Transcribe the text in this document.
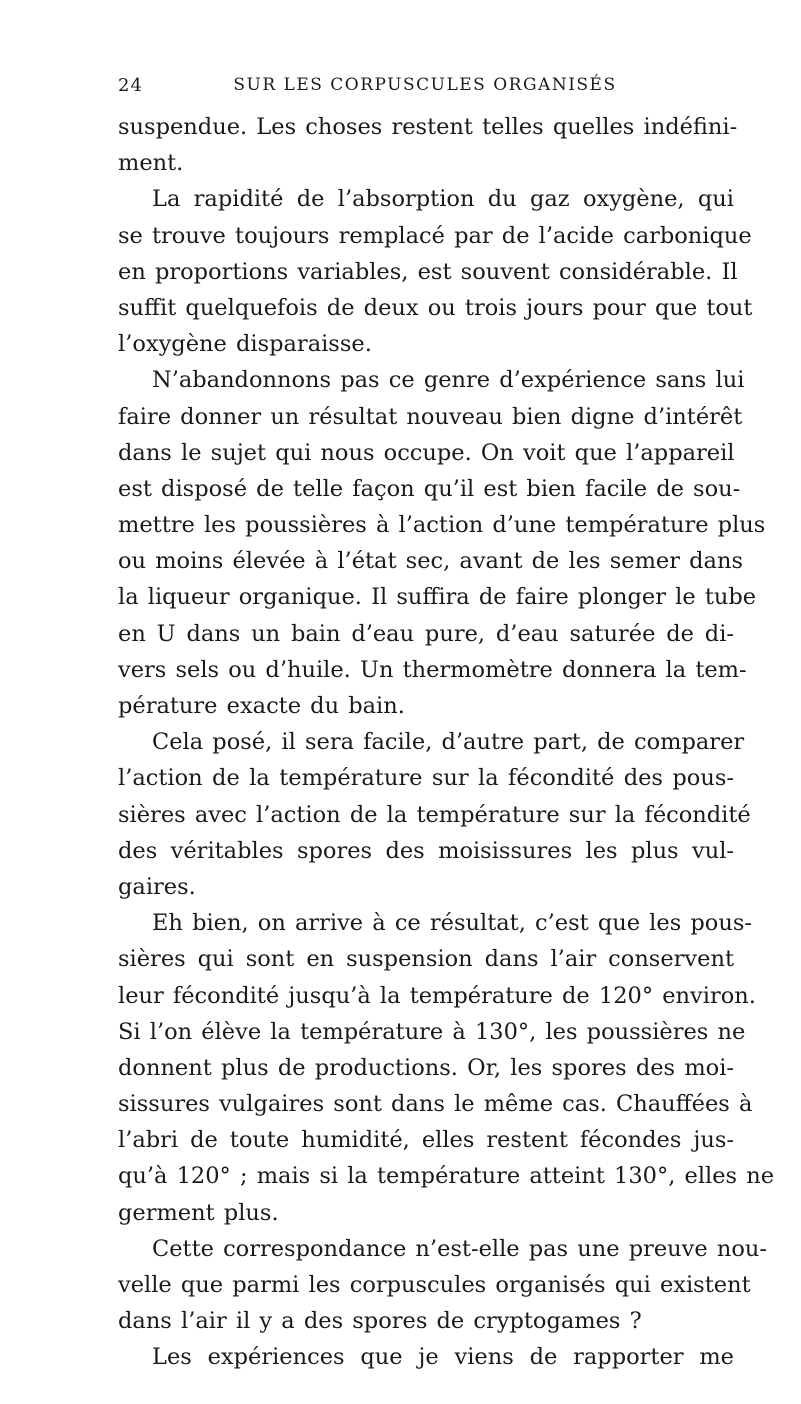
24	SUR LES CORPUSCULES ORGANISÉS
suspendue. Les choses restent telles quelles indéfini-
ment.
La rapidité de l’absorption du gaz oxygène, qui
se trouve toujours remplacé par de l’acide carbonique
en proportions variables, est souvent considérable. Il
suffit quelquefois de deux ou trois jours pour que tout
l’oxygène disparaisse.
N’abandonnons pas ce genre d’expérience sans lui
faire donner un résultat nouveau bien digne d’intérêt
dans le sujet qui nous occupe. On voit que l’appareil
est disposé de telle façon qu’il est bien facile de sou-
mettre les poussières à l’action d’une température plus
ou moins élevée à l’état sec, avant de les semer dans
la liqueur organique. Il suffira de faire plonger le tube
en U dans un bain d’eau pure, d’eau saturée de di-
vers sels ou d’huile. Un thermomètre donnera la tem-
pérature exacte du bain.
Cela posé, il sera facile, d’autre part, de comparer
l’action de la température sur la fécondité des pous-
sières avec l’action de la température sur la fécondité
des véritables spores des moisissures les plus vul-
gaires.
Eh bien, on arrive à ce résultat, c’est que les pous-
sières qui sont en suspension dans l’air conservent
leur fécondité jusqu’à la température de 120° environ.
Si l’on élève la température à 130°, les poussières ne
donnent plus de productions. Or, les spores des moi-
sissures vulgaires sont dans le même cas. Chauffées à
l’abri de toute humidité, elles restent fécondes jus-
qu’à 120° ; mais si la température atteint 130°, elles ne
germent plus.
Cette correspondance n’est-elle pas une preuve nou-
velle que parmi les corpuscules organisés qui existent
dans l’air il y a des spores de cryptogames ?
Les expériences que je viens de rapporter me
